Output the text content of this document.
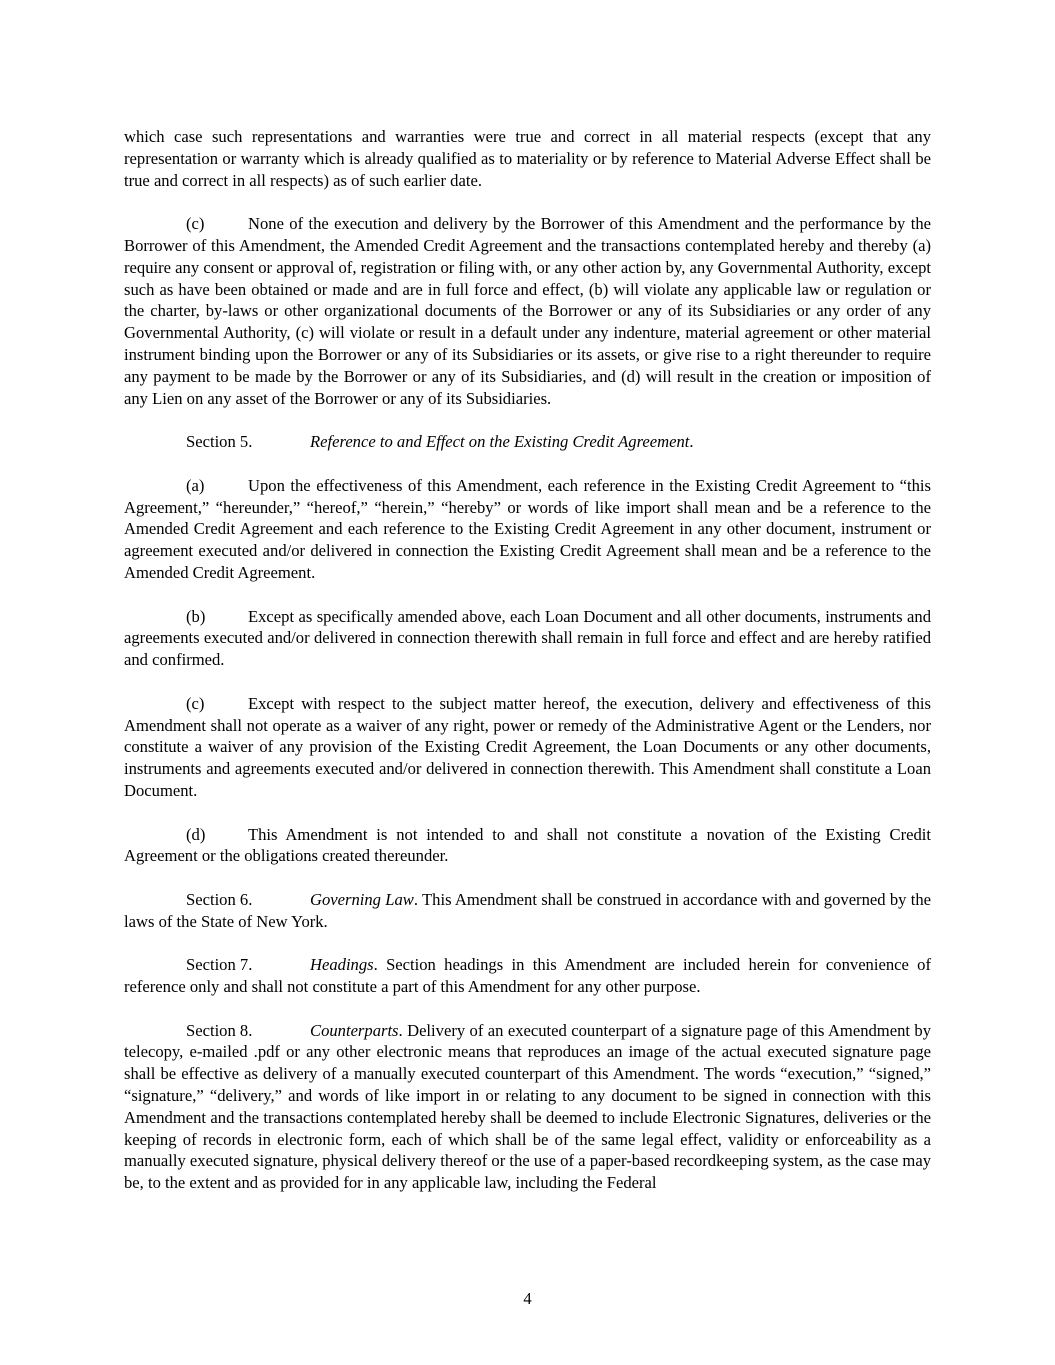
which case such representations and warranties were true and correct in all material respects (except that any representation or warranty which is already qualified as to materiality or by reference to Material Adverse Effect shall be true and correct in all respects) as of such earlier date.

(c)	None of the execution and delivery by the Borrower of this Amendment and the performance by the Borrower of this Amendment, the Amended Credit Agreement and the transactions contemplated hereby and thereby (a) require any consent or approval of, registration or filing with, or any other action by, any Governmental Authority, except such as have been obtained or made and are in full force and effect, (b) will violate any applicable law or regulation or the charter, by-laws or other organizational documents of the Borrower or any of its Subsidiaries or any order of any Governmental Authority, (c) will violate or result in a default under any indenture, material agreement or other material instrument binding upon the Borrower or any of its Subsidiaries or its assets, or give rise to a right thereunder to require any payment to be made by the Borrower or any of its Subsidiaries, and (d) will result in the creation or imposition of any Lien on any asset of the Borrower or any of its Subsidiaries.

Section 5.	Reference to and Effect on the Existing Credit Agreement.

(a)	Upon the effectiveness of this Amendment, each reference in the Existing Credit Agreement to “this Agreement,” “hereunder,” “hereof,” “herein,” “hereby” or words of like import shall mean and be a reference to the Amended Credit Agreement and each reference to the Existing Credit Agreement in any other document, instrument or agreement executed and/or delivered in connection the Existing Credit Agreement shall mean and be a reference to the Amended Credit Agreement.

(b)	Except as specifically amended above, each Loan Document and all other documents, instruments and agreements executed and/or delivered in connection therewith shall remain in full force and effect and are hereby ratified and confirmed.

(c)	Except with respect to the subject matter hereof, the execution, delivery and effectiveness of this Amendment shall not operate as a waiver of any right, power or remedy of the Administrative Agent or the Lenders, nor constitute a waiver of any provision of the Existing Credit Agreement, the Loan Documents or any other documents, instruments and agreements executed and/or delivered in connection therewith. This Amendment shall constitute a Loan Document.

(d)	This Amendment is not intended to and shall not constitute a novation of the Existing Credit Agreement or the obligations created thereunder.

Section 6.	Governing Law. This Amendment shall be construed in accordance with and governed by the laws of the State of New York.

Section 7.	Headings. Section headings in this Amendment are included herein for convenience of reference only and shall not constitute a part of this Amendment for any other purpose.

Section 8.	Counterparts. Delivery of an executed counterpart of a signature page of this Amendment by telecopy, e-mailed .pdf or any other electronic means that reproduces an image of the actual executed signature page shall be effective as delivery of a manually executed counterpart of this Amendment. The words “execution,” “signed,” “signature,” “delivery,” and words of like import in or relating to any document to be signed in connection with this Amendment and the transactions contemplated hereby shall be deemed to include Electronic Signatures, deliveries or the keeping of records in electronic form, each of which shall be of the same legal effect, validity or enforceability as a manually executed signature, physical delivery thereof or the use of a paper-based recordkeeping system, as the case may be, to the extent and as provided for in any applicable law, including the Federal

4
